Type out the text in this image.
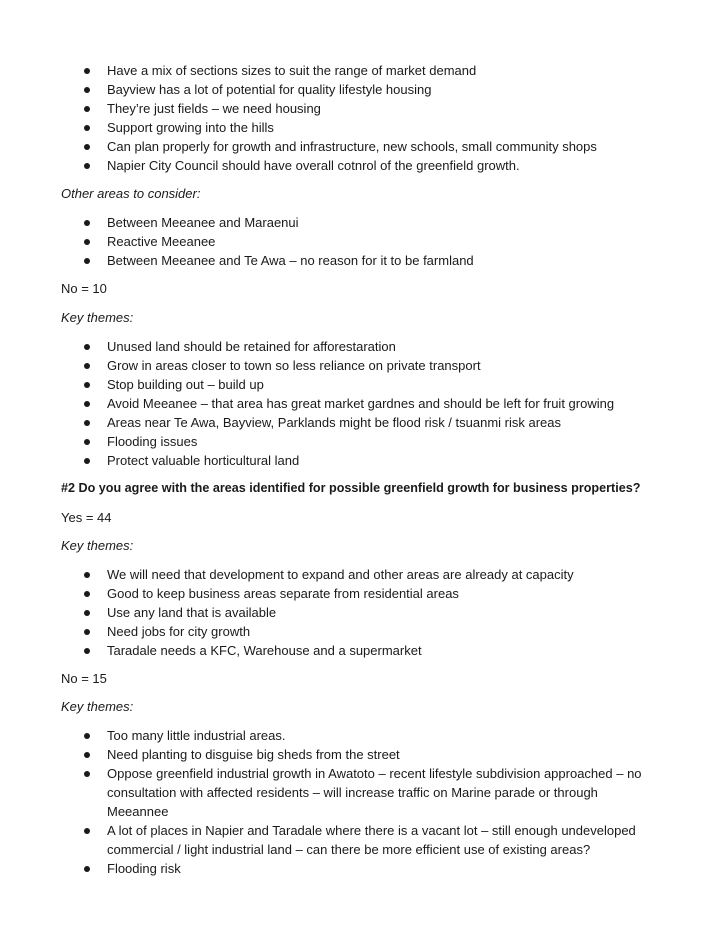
Have a mix of sections sizes to suit the range of market demand
Bayview has a lot of potential for quality lifestyle housing
They’re just fields – we need housing
Support growing into the hills
Can plan properly for growth and infrastructure, new schools, small community shops
Napier City Council should have overall cotnrol of the greenfield growth.

Other areas to consider:

Between Meeanee and Maraenui
Reactive Meeanee
Between Meeanee and Te Awa – no reason for it to be farmland

No = 10

Key themes:

Unused land should be retained for afforestaration
Grow in areas closer to town so less reliance on private transport
Stop building out – build up
Avoid Meeanee – that area has great market gardnes and should be left for fruit growing
Areas near Te Awa, Bayview, Parklands might be flood risk / tsuanmi risk areas
Flooding issues
Protect valuable horticultural land

#2 Do you agree with the areas identified for possible greenfield growth for business properties?

Yes = 44

Key themes:

We will need that development to expand and other areas are already at capacity
Good to keep business areas separate from residential areas
Use any land that is available
Need jobs for city growth
Taradale needs a KFC, Warehouse and a supermarket

No = 15

Key themes:

Too many little industrial areas.
Need planting to disguise big sheds from the street
Oppose greenfield industrial growth in Awatoto – recent lifestyle subdivision approached – no consultation with affected residents – will increase traffic on Marine parade or through Meeannee
A lot of places in Napier and Taradale where there is a vacant lot – still enough undeveloped commercial / light industrial land – can there be more efficient use of existing areas?
Flooding risk
